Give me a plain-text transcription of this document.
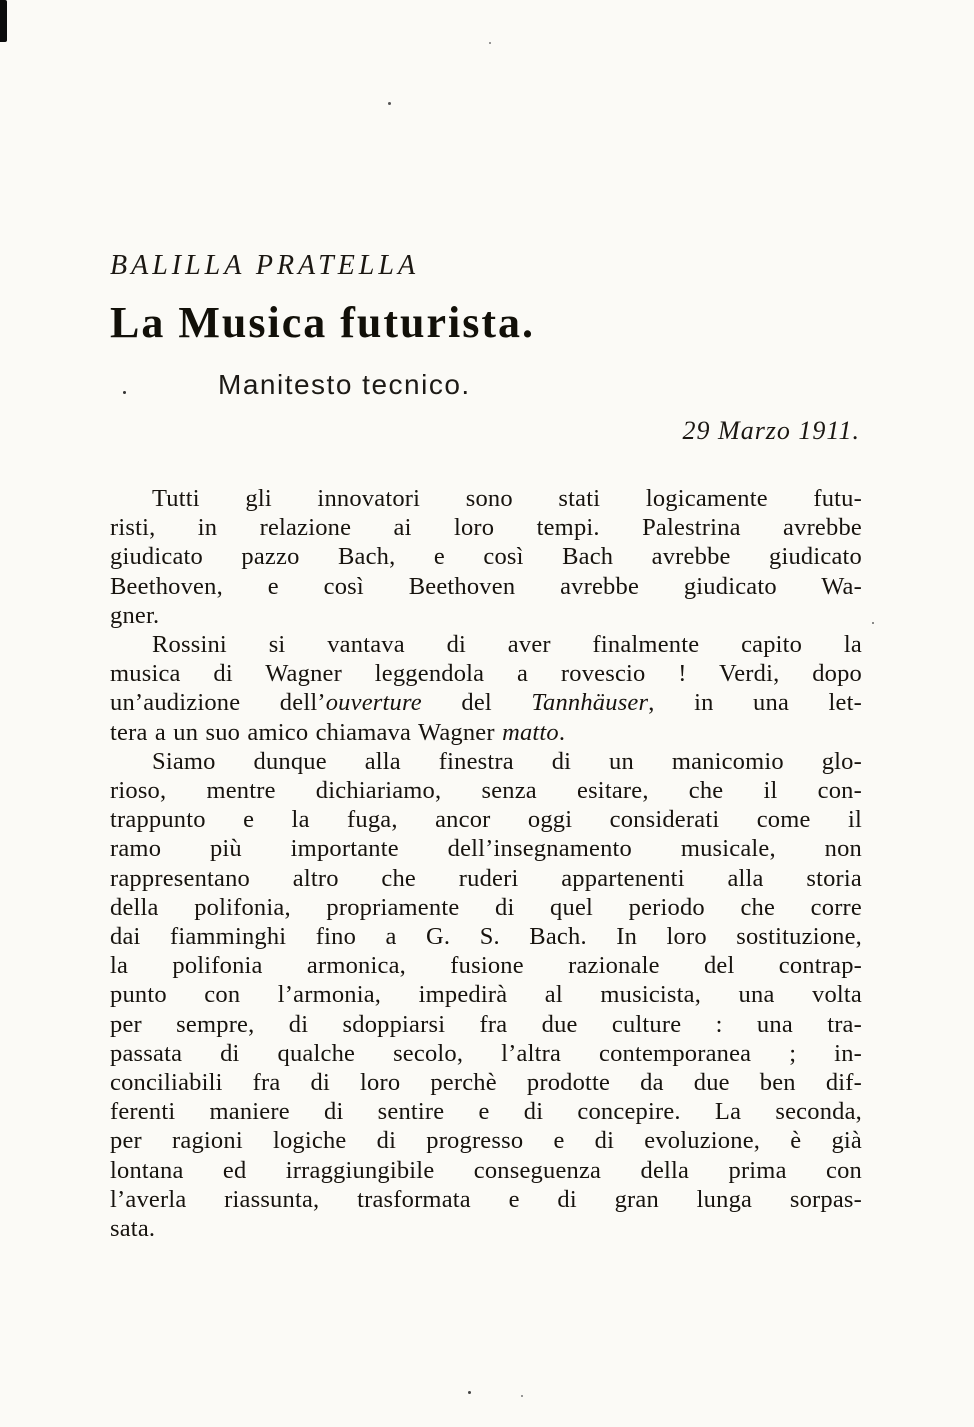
BALILLA PRATELLA
La Musica futurista.
Manitesto tecnico.
29 Marzo 1911.

Tutti gli innovatori sono stati logicamente futu-
risti, in relazione ai loro tempi. Palestrina avrebbe
giudicato pazzo Bach, e così Bach avrebbe giudicato
Beethoven, e così Beethoven avrebbe giudicato Wa-
gner.

Rossini si vantava di aver finalmente capito la
musica di Wagner leggendola a rovescio ! Verdi, dopo
un’audizione dell’ouverture del Tannhäuser, in una let-
tera a un suo amico chiamava Wagner matto.

Siamo dunque alla finestra di un manicomio glo-
rioso, mentre dichiariamo, senza esitare, che il con-
trappunto e la fuga, ancor oggi considerati come il
ramo più importante dell’insegnamento musicale, non
rappresentano altro che ruderi appartenenti alla storia
della polifonia, propriamente di quel periodo che corre
dai fiamminghi fino a G. S. Bach. In loro sostituzione,
la polifonia armonica, fusione razionale del contrap-
punto con l’armonia, impedirà al musicista, una volta
per sempre, di sdoppiarsi fra due culture : una tra-
passata di qualche secolo, l’altra contemporanea ; in-
conciliabili fra di loro perchè prodotte da due ben dif-
ferenti maniere di sentire e di concepire. La seconda,
per ragioni logiche di progresso e di evoluzione, è già
lontana ed irraggiungibile conseguenza della prima con
l’averla riassunta, trasformata e di gran lunga sorpas-
sata.
